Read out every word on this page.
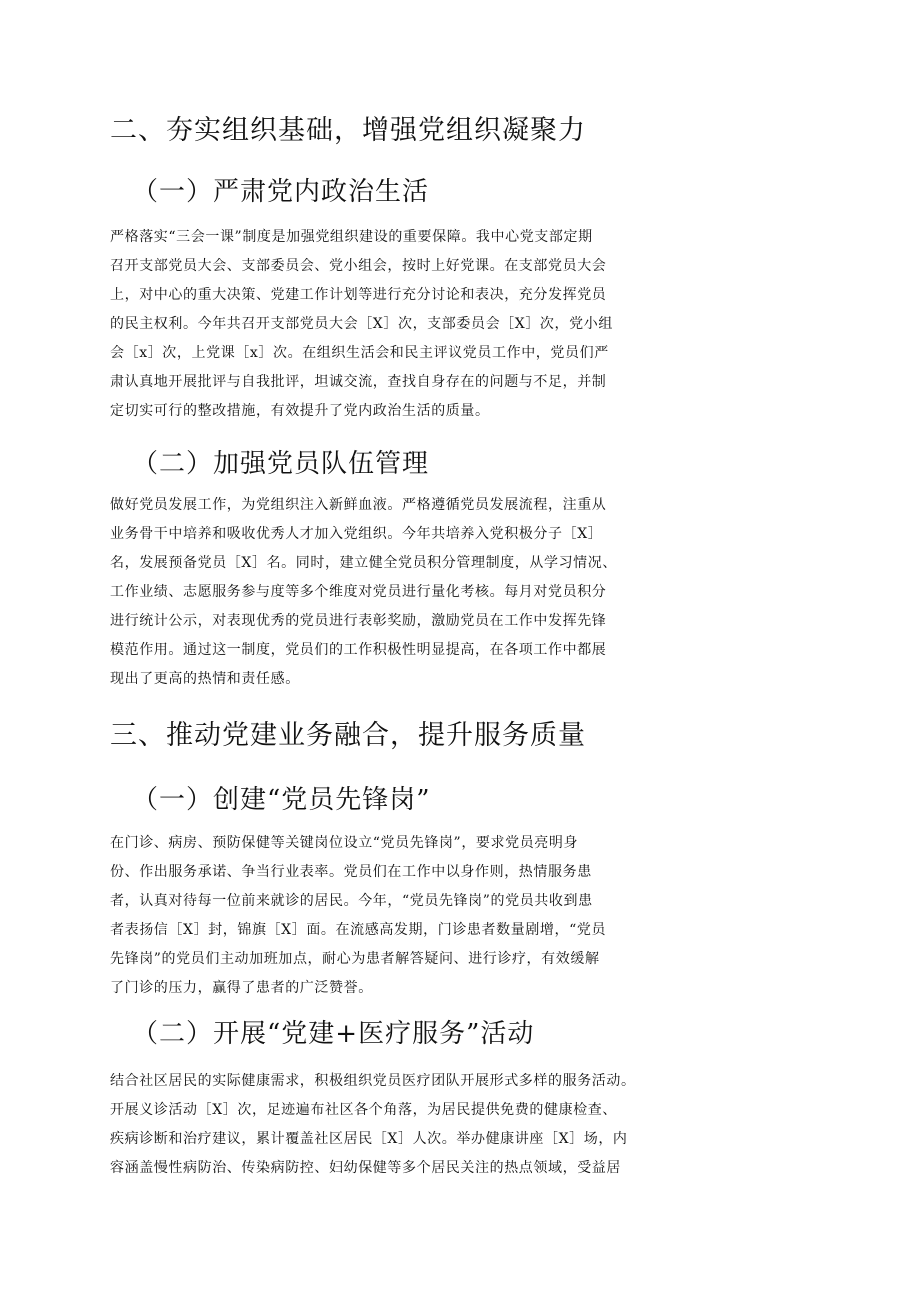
二、夯实组织基础，增强党组织凝聚力
（一）严肃党内政治生活
严格落实“三会一课”制度是加强党组织建设的重要保障。我中心党支部定期
召开支部党员大会、支部委员会、党小组会，按时上好党课。在支部党员大会
上，对中心的重大决策、党建工作计划等进行充分讨论和表决，充分发挥党员
的民主权利。今年共召开支部党员大会［X］次，支部委员会［X］次，党小组
会［x］次，上党课［x］次。在组织生活会和民主评议党员工作中，党员们严
肃认真地开展批评与自我批评，坦诚交流，查找自身存在的问题与不足，并制
定切实可行的整改措施，有效提升了党内政治生活的质量。
（二）加强党员队伍管理
做好党员发展工作，为党组织注入新鲜血液。严格遵循党员发展流程，注重从
业务骨干中培养和吸收优秀人才加入党组织。今年共培养入党积极分子［X］
名，发展预备党员［X］名。同时，建立健全党员积分管理制度，从学习情况、
工作业绩、志愿服务参与度等多个维度对党员进行量化考核。每月对党员积分
进行统计公示，对表现优秀的党员进行表彰奖励，激励党员在工作中发挥先锋
模范作用。通过这一制度，党员们的工作积极性明显提高，在各项工作中都展
现出了更高的热情和责任感。
三、推动党建业务融合，提升服务质量
（一）创建“党员先锋岗”
在门诊、病房、预防保健等关键岗位设立“党员先锋岗”，要求党员亮明身
份、作出服务承诺、争当行业表率。党员们在工作中以身作则，热情服务患
者，认真对待每一位前来就诊的居民。今年，“党员先锋岗”的党员共收到患
者表扬信［X］封，锦旗［X］面。在流感高发期，门诊患者数量剧增，“党员
先锋岗”的党员们主动加班加点，耐心为患者解答疑问、进行诊疗，有效缓解
了门诊的压力，赢得了患者的广泛赞誉。
（二）开展“党建+医疗服务”活动
结合社区居民的实际健康需求，积极组织党员医疗团队开展形式多样的服务活动。
开展义诊活动［X］次，足迹遍布社区各个角落，为居民提供免费的健康检查、
疾病诊断和治疗建议，累计覆盖社区居民［X］人次。举办健康讲座［X］场，内
容涵盖慢性病防治、传染病防控、妇幼保健等多个居民关注的热点领域，受益居
